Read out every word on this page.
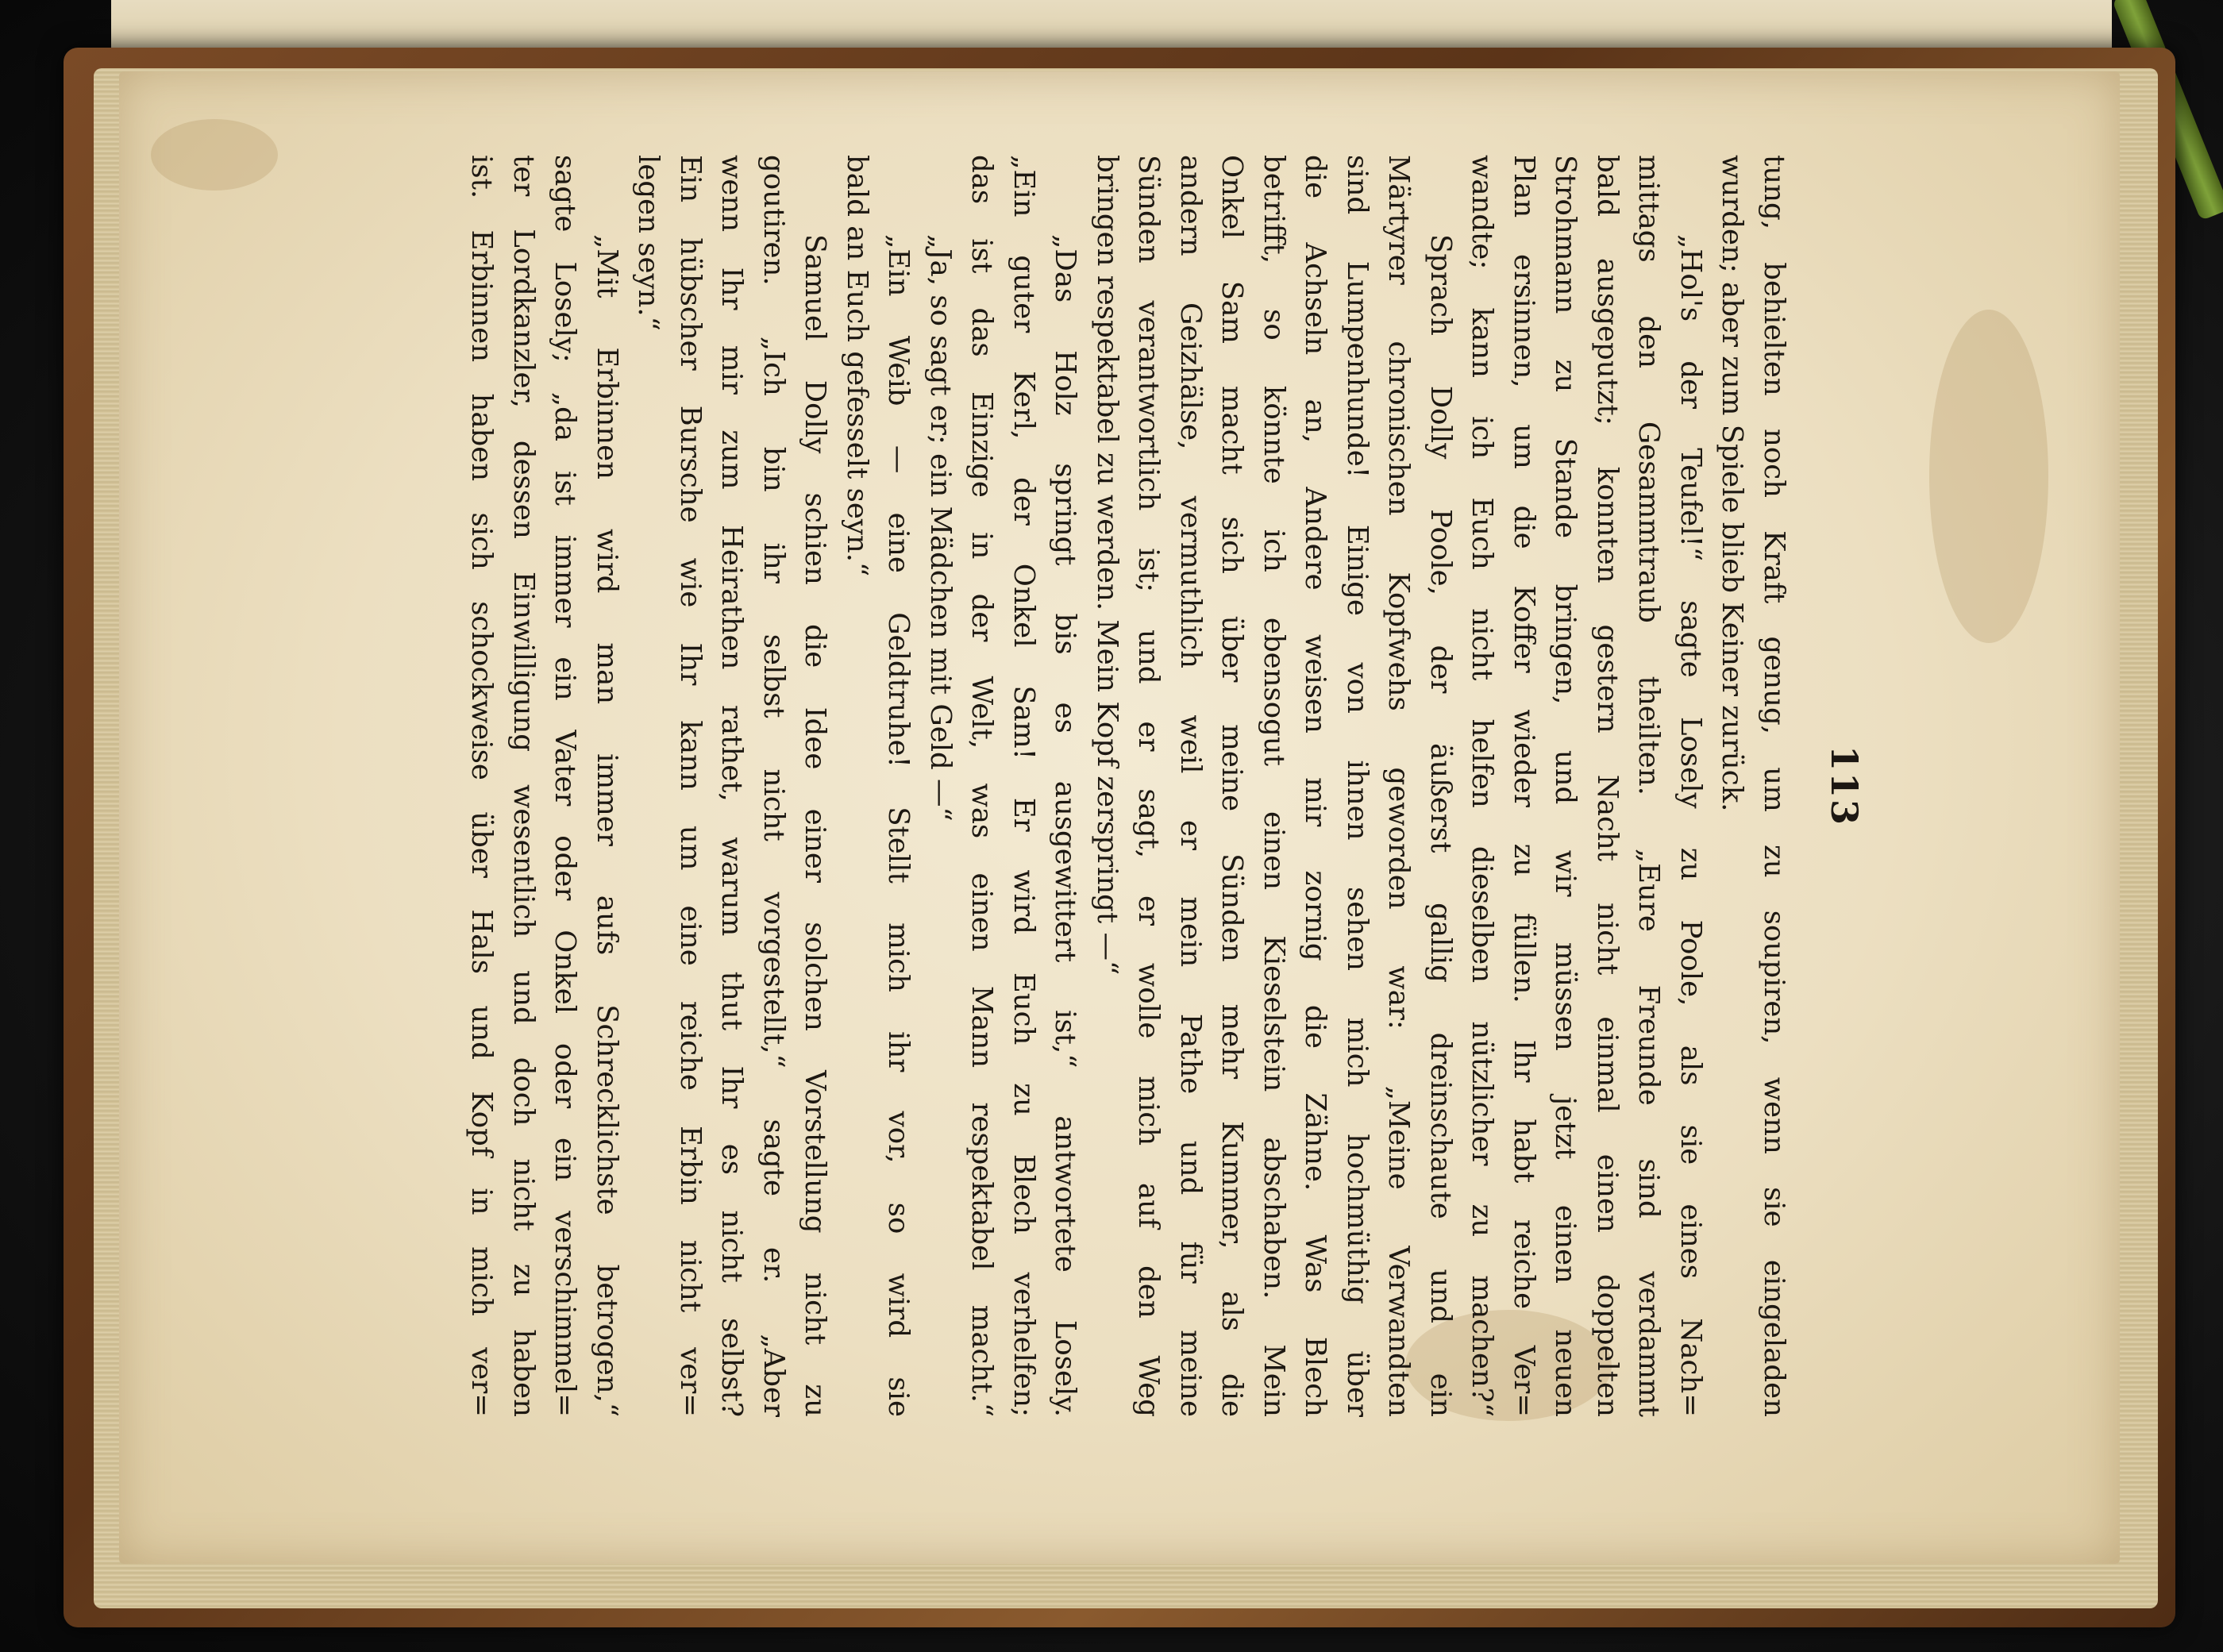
113
tung, behielten noch Kraft genug, um zu soupiren, wenn sie eingeladen
wurden; aber zum Spiele blieb Keiner zurück.
„Hol's der Teufel!“ sagte Losely zu Poole, als sie eines Nach=
mittags den Gesammtraub theilten. „Eure Freunde sind verdammt
bald ausgeputzt; konnten gestern Nacht nicht einmal einen doppelten
Strohmann zu Stande bringen, und wir müssen jetzt einen neuen
Plan ersinnen, um die Koffer wieder zu füllen. Ihr habt reiche Ver=
wandte; kann ich Euch nicht helfen dieselben nützlicher zu machen?“
Sprach Dolly Poole, der äußerst gallig dreinschaute und ein
Märtyrer chronischen Kopfwehs geworden war: „Meine Verwandten
sind Lumpenhunde! Einige von ihnen sehen mich hochmüthig über
die Achseln an, Andere weisen mir zornig die Zähne. Was Blech
betrifft, so könnte ich ebensogut einen Kieselstein abschaben. Mein
Onkel Sam macht sich über meine Sünden mehr Kummer, als die
andern Geizhälse, vermuthlich weil er mein Pathe und für meine
Sünden verantwortlich ist; und er sagt, er wolle mich auf den Weg
bringen respektabel zu werden. Mein Kopf zerspringt —“
„Das Holz springt bis es ausgewittert ist,“ antwortete Losely.
„Ein guter Kerl, der Onkel Sam! Er wird Euch zu Blech verhelfen;
das ist das Einzige in der Welt, was einen Mann respektabel macht.“
„Ja, so sagt er; ein Mädchen mit Geld —“
„Ein Weib — eine Geldtruhe! Stellt mich ihr vor, so wird sie
bald an Euch gefesselt seyn.“
Samuel Dolly schien die Idee einer solchen Vorstellung nicht zu
goutiren. „Ich bin ihr selbst nicht vorgestellt,“ sagte er. „Aber
wenn Ihr mir zum Heirathen rathet, warum thut Ihr es nicht selbst?
Ein hübscher Bursche wie Ihr kann um eine reiche Erbin nicht ver=
legen seyn.“
„Mit Erbinnen wird man immer aufs Schrecklichste betrogen,“
sagte Losely; „da ist immer ein Vater oder Onkel oder ein verschimmel=
ter Lordkanzler, dessen Einwilligung wesentlich und doch nicht zu haben
ist. Erbinnen haben sich schockweise über Hals und Kopf in mich ver=
